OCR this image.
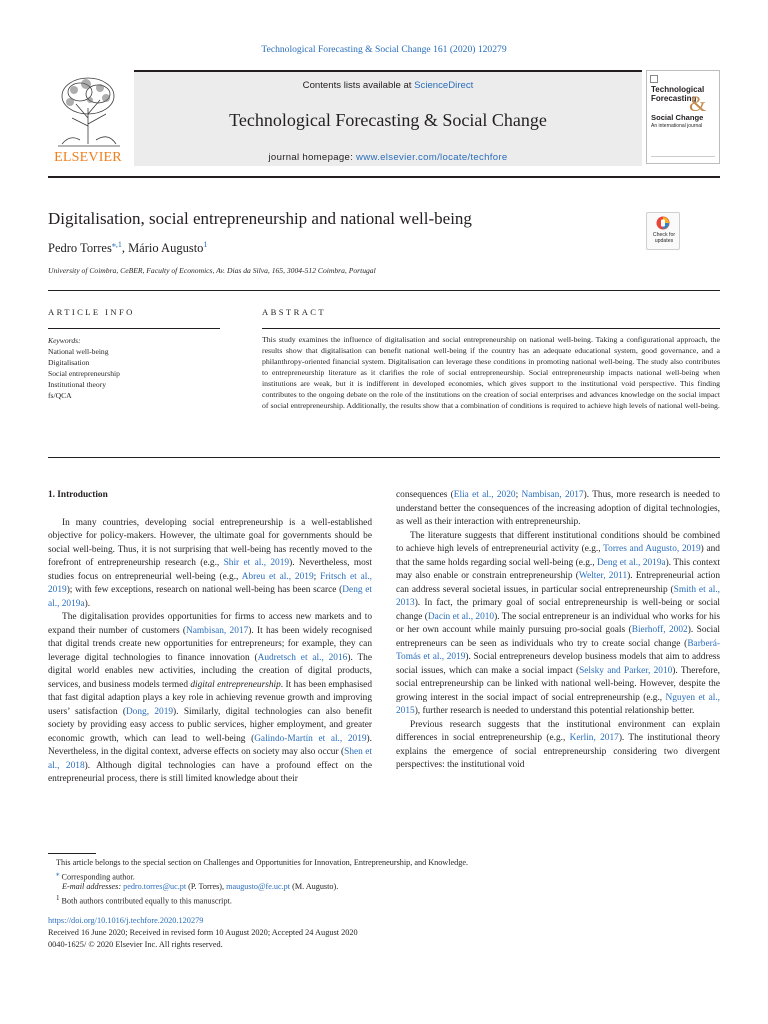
Technological Forecasting & Social Change 161 (2020) 120279
ELSEVIER
Contents lists available at ScienceDirect
Technological Forecasting & Social Change
journal homepage: www.elsevier.com/locate/techfore
Technological
Forecasting
&
Social Change
An international journal
Digitalisation, social entrepreneurship and national well-being
Pedro Torres$^{⁎,1}$, Mário Augusto$^1$
University of Coimbra, CeBER, Faculty of Economics, Av. Dias da Silva, 165, 3004-512 Coimbra, Portugal
Check for updates
ARTICLE INFO	ABSTRACT
Keywords:
National well-being
Digitalisation
Social entrepreneurship
Institutional theory
fs/QCA
This study examines the influence of digitalisation and social entrepreneurship on national well-being. Taking a configurational approach, the results show that digitalisation can benefit national well-being if the country has an adequate educational system, good governance, and a philanthropy-oriented financial system. Digitalisation can leverage these conditions in promoting national well-being. The study also contributes to entrepreneurship literature as it clarifies the role of social entrepreneurship. Social entrepreneurship impacts national well-being when institutions are weak, but it is indifferent in developed economies, which gives support to the institutional void perspective. This finding contributes to the ongoing debate on the role of the institutions on the creation of social enterprises and advances knowledge on the social impact of social entrepreneurship. Additionally, the results show that a combination of conditions is required to achieve high levels of national well-being.
1. Introduction

In many countries, developing social entrepreneurship is a well-established objective for policy-makers. However, the ultimate goal for governments should be social well-being. Thus, it is not surprising that well-being has recently moved to the forefront of entrepreneurship research (e.g., Shir et al., 2019). Nevertheless, most studies focus on entrepreneurial well-being (e.g., Abreu et al., 2019; Fritsch et al., 2019); with few exceptions, research on national well-being has been scarce (Deng et al., 2019a).

The digitalisation provides opportunities for firms to access new markets and to expand their number of customers (Nambisan, 2017). It has been widely recognised that digital trends create new opportunities for entrepreneurs; for example, they can leverage digital technologies to finance innovation (Audretsch et al., 2016). The digital world enables new activities, including the creation of digital products, services, and business models termed digital entrepreneurship. It has been emphasised that fast digital adaption plays a key role in achieving revenue growth and improving users’ satisfaction (Dong, 2019). Similarly, digital technologies can also benefit society by providing easy access to public services, higher employment, and greater economic growth, which can lead to well-being (Galindo-Martín et al., 2019). Nevertheless, in the digital context, adverse effects on society may also occur (Shen et al., 2018). Although digital technologies can have a profound effect on the entrepreneurial process, there is still limited knowledge about their

consequences (Elia et al., 2020; Nambisan, 2017). Thus, more research is needed to understand better the consequences of the increasing adoption of digital technologies, as well as their interaction with entrepreneurship.

The literature suggests that different institutional conditions should be combined to achieve high levels of entrepreneurial activity (e.g., Torres and Augusto, 2019) and that the same holds regarding social well-being (e.g., Deng et al., 2019a). This context may also enable or constrain entrepreneurship (Welter, 2011). Entrepreneurial action can address several societal issues, in particular social entrepreneurship (Smith et al., 2013). In fact, the primary goal of social entrepreneurship is well-being or social change (Dacin et al., 2010). The social entrepreneur is an individual who works for his or her own account while mainly pursuing pro-social goals (Bierhoff, 2002). Social entrepreneurs can be seen as individuals who try to create social change (Barberá-Tomás et al., 2019). Social entrepreneurs develop business models that aim to address social issues, which can make a social impact (Selsky and Parker, 2010). Therefore, social entrepreneurship can be linked with national well-being. However, despite the growing interest in the social impact of social entrepreneurship (e.g., Nguyen et al., 2015), further research is needed to understand this potential relationship better.

Previous research suggests that the institutional environment can explain differences in social entrepreneurship (e.g., Kerlin, 2017). The institutional theory explains the emergence of social entrepreneurship considering two divergent perspectives: the institutional void

This article belongs to the special section on Challenges and Opportunities for Innovation, Entrepreneurship, and Knowledge.
⁎ Corresponding author.
E-mail addresses: pedro.torres@uc.pt (P. Torres), maugusto@fe.uc.pt (M. Augusto).
1 Both authors contributed equally to this manuscript.
https://doi.org/10.1016/j.techfore.2020.120279
Received 16 June 2020; Received in revised form 10 August 2020; Accepted 24 August 2020
0040-1625/ © 2020 Elsevier Inc. All rights reserved.
